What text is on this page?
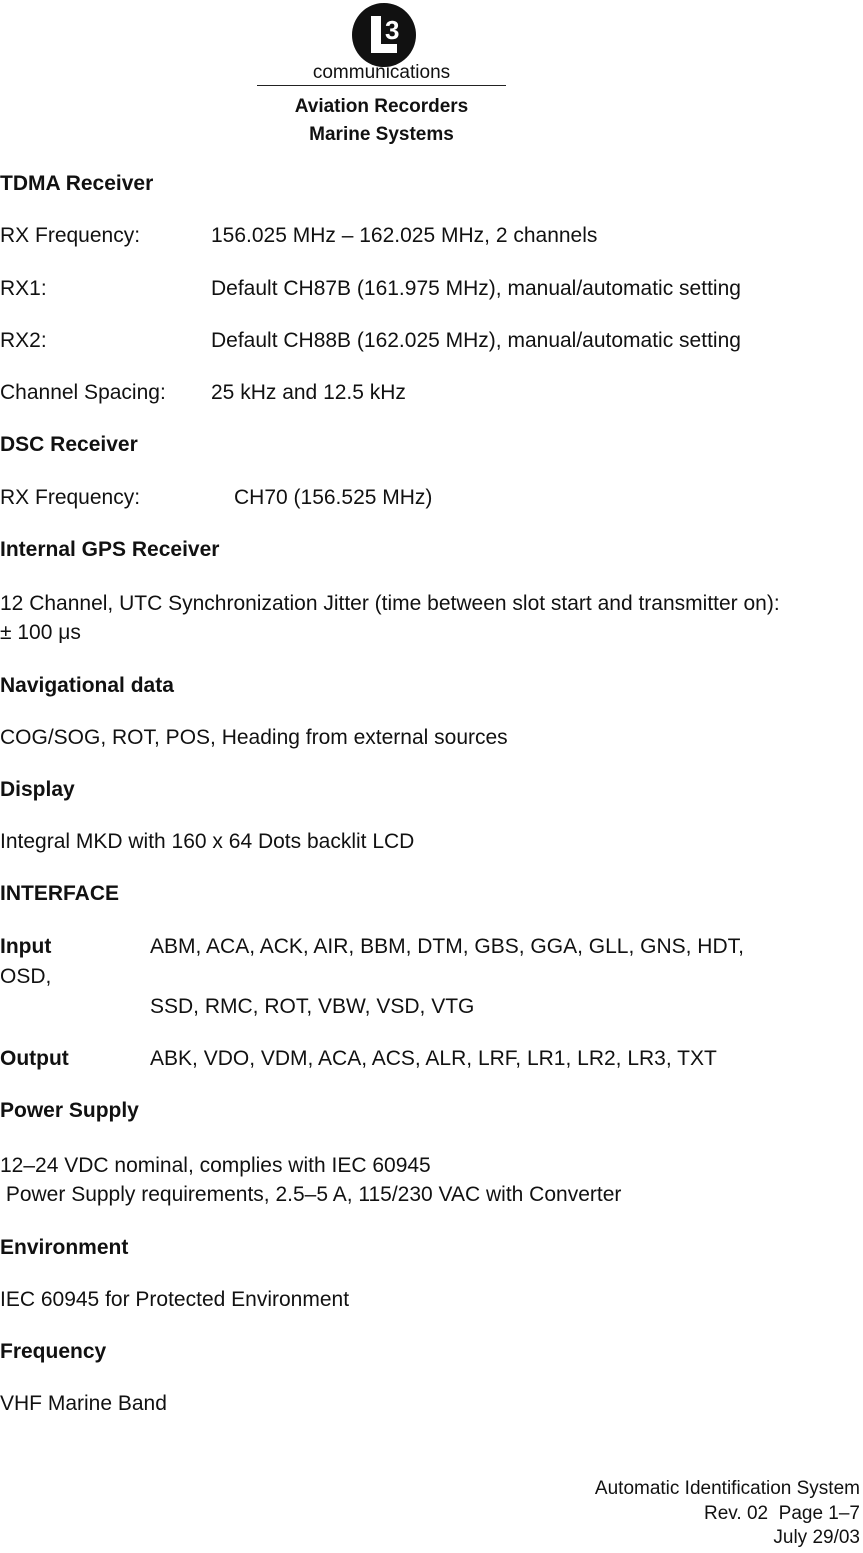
3
communications
Aviation Recorders
Marine Systems
TDMA Receiver
RX Frequency:	156.025 MHz – 162.025 MHz, 2 channels
RX1:	Default CH87B (161.975 MHz), manual/automatic setting
RX2:	Default CH88B (162.025 MHz), manual/automatic setting
Channel Spacing: 25 kHz and 12.5 kHz
DSC Receiver
RX Frequency:	CH70 (156.525 MHz)
Internal GPS Receiver
12 Channel, UTC Synchronization Jitter (time between slot start and transmitter on):
± 100 μs
Navigational data
COG/SOG, ROT, POS, Heading from external sources
Display
Integral MKD with 160 x 64 Dots backlit LCD
INTERFACE
Input	ABM, ACA, ACK, AIR, BBM, DTM, GBS, GGA, GLL, GNS, HDT,
OSD,
SSD, RMC, ROT, VBW, VSD, VTG
Output	ABK, VDO, VDM, ACA, ACS, ALR, LRF, LR1, LR2, LR3, TXT
Power Supply
12–24 VDC nominal, complies with IEC 60945
Power Supply requirements, 2.5–5 A, 115/230 VAC with Converter
Environment
IEC 60945 for Protected Environment
Frequency
VHF Marine Band
Automatic Identification System
Rev. 02  Page 1–7
July 29/03
